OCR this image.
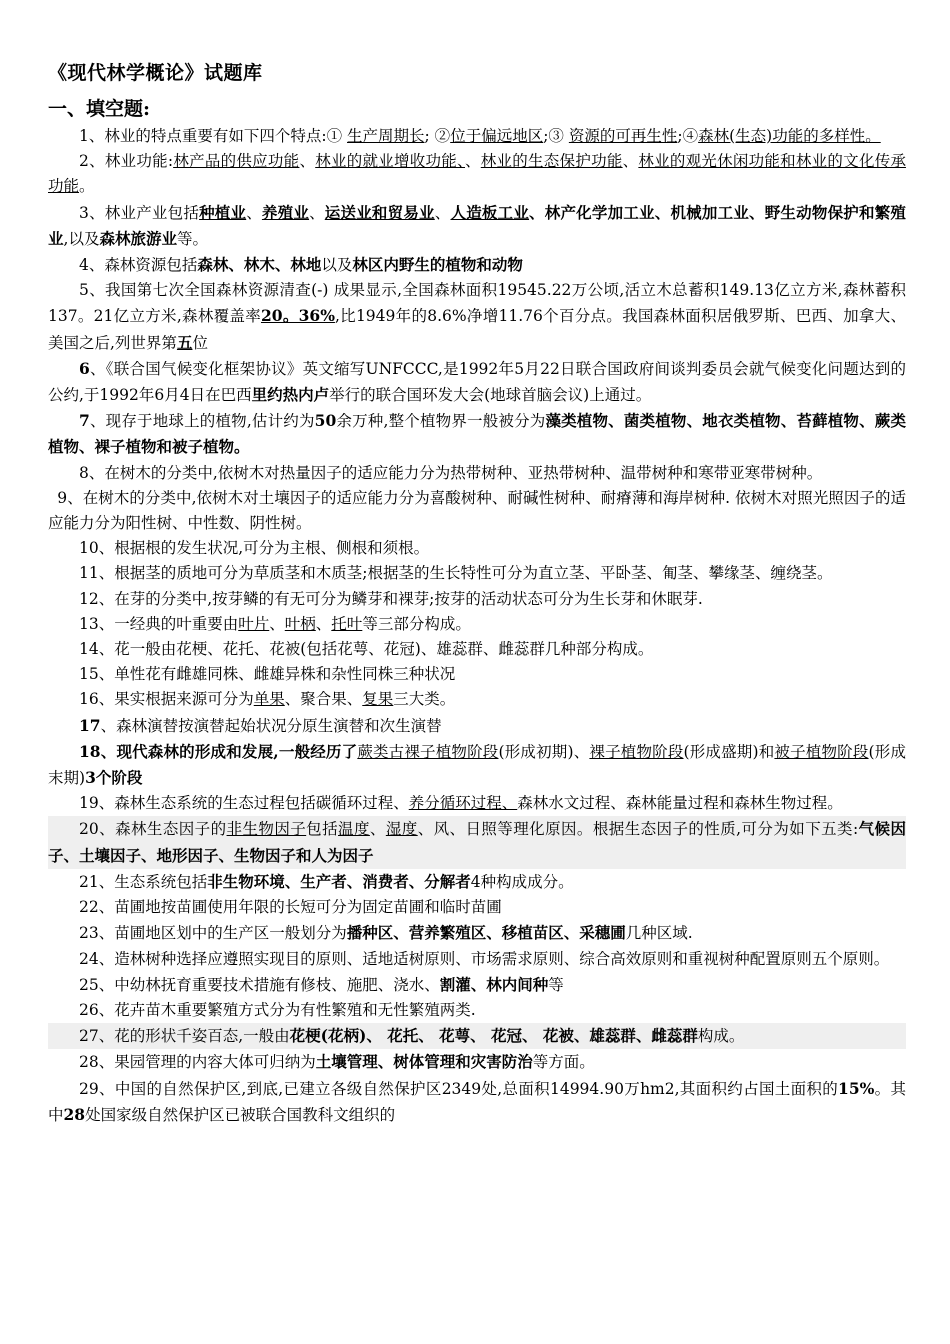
《现代林学概论》试题库
一、填空题:

1、林业的特点重要有如下四个特点:① 生产周期长; ②位于偏远地区;③ 资源的可再生性;④森林(生态)功能的多样性。

2、林业功能:林产品的供应功能、林业的就业增收功能、、林业的生态保护功能、林业的观光休闲功能和林业的文化传承功能。

3、林业产业包括种植业、养殖业、运送业和贸易业、人造板工业、林产化学加工业、机械加工业、野生动物保护和繁殖业,以及森林旅游业等。

4、森林资源包括森林、林木、林地以及林区内野生的植物和动物

5、我国第七次全国森林资源清查(-) 成果显示,全国森林面积19545.22万公顷,活立木总蓄积149.13亿立方米,森林蓄积137。21亿立方米,森林覆盖率20。36%,比1949年的8.6%净增11.76个百分点。我国森林面积居俄罗斯、巴西、加拿大、美国之后,列世界第五位

6、《联合国气候变化框架协议》英文缩写UNFCCC,是1992年5月22日联合国政府间谈判委员会就气候变化问题达到的公约,于1992年6月4日在巴西里约热内卢举行的联合国环发大会(地球首脑会议)上通过。

7、现存于地球上的植物,估计约为50余万种,整个植物界一般被分为藻类植物、菌类植物、地衣类植物、苔藓植物、蕨类植物、裸子植物和被子植物。

8、在树木的分类中,依树木对热量因子的适应能力分为热带树种、亚热带树种、温带树种和寒带亚寒带树种。

9、在树木的分类中,依树木对土壤因子的适应能力分为喜酸树种、耐碱性树种、耐瘠薄和海岸树种. 依树木对照光照因子的适应能力分为阳性树、中性数、阴性树。

10、根据根的发生状况,可分为主根、侧根和须根。

11、根据茎的质地可分为草质茎和木质茎;根据茎的生长特性可分为直立茎、平卧茎、匍茎、攀缘茎、缠绕茎。

12、在芽的分类中,按芽鳞的有无可分为鳞芽和裸芽;按芽的活动状态可分为生长芽和休眠芽.

13、一经典的叶重要由叶片、叶柄、托叶等三部分构成。

14、花一般由花梗、花托、花被(包括花萼、花冠)、雄蕊群、雌蕊群几种部分构成。

15、单性花有雌雄同株、雌雄异株和杂性同株三种状况

16、果实根据来源可分为单果、聚合果、复果三大类。

17、森林演替按演替起始状况分原生演替和次生演替

18、现代森林的形成和发展,一般经历了蕨类古裸子植物阶段(形成初期)、裸子植物阶段(形成盛期)和被子植物阶段(形成末期)3个阶段

19、森林生态系统的生态过程包括碳循环过程、养分循环过程、森林水文过程、森林能量过程和森林生物过程。

20、森林生态因子的非生物因子包括温度、湿度、风、日照等理化原因。根据生态因子的性质,可分为如下五类:气候因子、土壤因子、地形因子、生物因子和人为因子

21、生态系统包括非生物环境、生产者、消费者、分解者4种构成成分。

22、苗圃地按苗圃使用年限的长短可分为固定苗圃和临时苗圃

23、苗圃地区划中的生产区一般划分为播种区、营养繁殖区、移植苗区、采穗圃几种区域.

24、造林树种选择应遵照实现目的原则、适地适树原则、市场需求原则、综合高效原则和重视树种配置原则五个原则。

25、中幼林抚育重要技术措施有修枝、施肥、浇水、割灌、林内间种等

26、花卉苗木重要繁殖方式分为有性繁殖和无性繁殖两类.

27、花的形状千姿百态,一般由花梗(花柄)、 花托、 花萼、 花冠、 花被、雄蕊群、雌蕊群构成。

28、果园管理的内容大体可归纳为土壤管理、树体管理和灾害防治等方面。

29、中国的自然保护区,到底,已建立各级自然保护区2349处,总面积14994.90万hm2,其面积约占国土面积的15%。其中28处国家级自然保护区已被联合国教科文组织的
